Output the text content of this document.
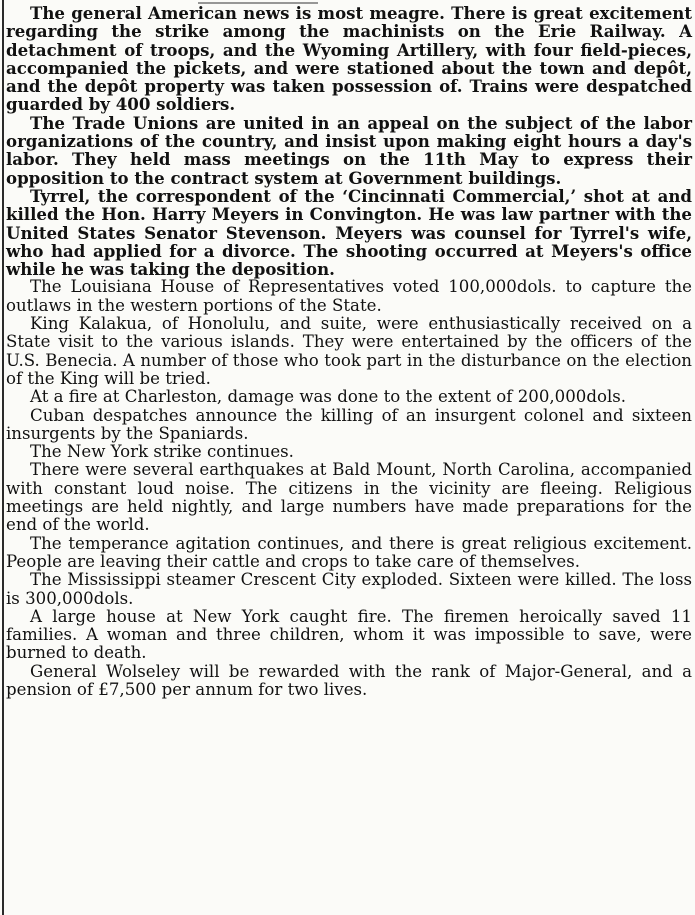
The general American news is most meagre. There is great excitement regarding the strike among the machinists on the Erie Railway. A detachment of troops, and the Wyoming Artillery, with four field-pieces, accompanied the pickets, and were stationed about the town and depôt, and the depôt property was taken possession of. Trains were despatched guarded by 400 soldiers.

The Trade Unions are united in an appeal on the subject of the labor organizations of the country, and insist upon making eight hours a day's labor. They held mass meetings on the 11th May to express their opposition to the contract system at Government buildings.

Tyrrel, the correspondent of the ‘Cincinnati Commercial,’ shot at and killed the Hon. Harry Meyers in Convington. He was law partner with the United States Senator Stevenson. Meyers was counsel for Tyrrel's wife, who had applied for a divorce. The shooting occurred at Meyers's office while he was taking the deposition.

The Louisiana House of Representatives voted 100,000dols. to capture the outlaws in the western portions of the State.

King Kalakua, of Honolulu, and suite, were enthusiastically received on a State visit to the various islands. They were entertained by the officers of the U.S. Benecia. A number of those who took part in the disturbance on the election of the King will be tried.

At a fire at Charleston, damage was done to the extent of 200,000dols.

Cuban despatches announce the killing of an insurgent colonel and sixteen insurgents by the Spaniards.

The New York strike continues.

There were several earthquakes at Bald Mount, North Carolina, accompanied with constant loud noise. The citizens in the vicinity are fleeing. Religious meetings are held nightly, and large numbers have made preparations for the end of the world.

The temperance agitation continues, and there is great religious excitement. People are leaving their cattle and crops to take care of themselves.

The Mississippi steamer Crescent City exploded. Sixteen were killed. The loss is 300,000dols.

A large house at New York caught fire. The firemen heroically saved 11 families. A woman and three children, whom it was impossible to save, were burned to death.

General Wolseley will be rewarded with the rank of Major-General, and a pension of £7,500 per annum for two lives.
